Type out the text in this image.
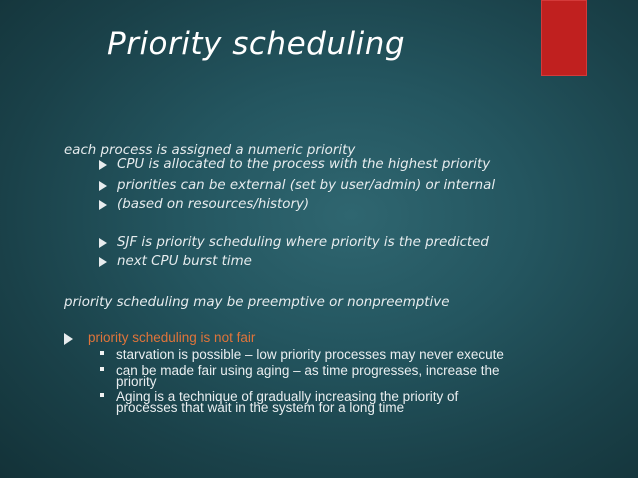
Priority scheduling
each process is assigned a numeric priority
CPU is allocated to the process with the highest priority
priorities can be external (set by user/admin) or internal
(based on resources/history)
SJF is priority scheduling where priority is the predicted
next CPU burst time
priority scheduling may be preemptive or nonpreemptive
priority scheduling is not fair
starvation is possible – low priority processes may never execute
can be made fair using aging – as time progresses, increase the
priority
Aging is a technique of gradually increasing the priority of
processes that wait in the system for a long time
